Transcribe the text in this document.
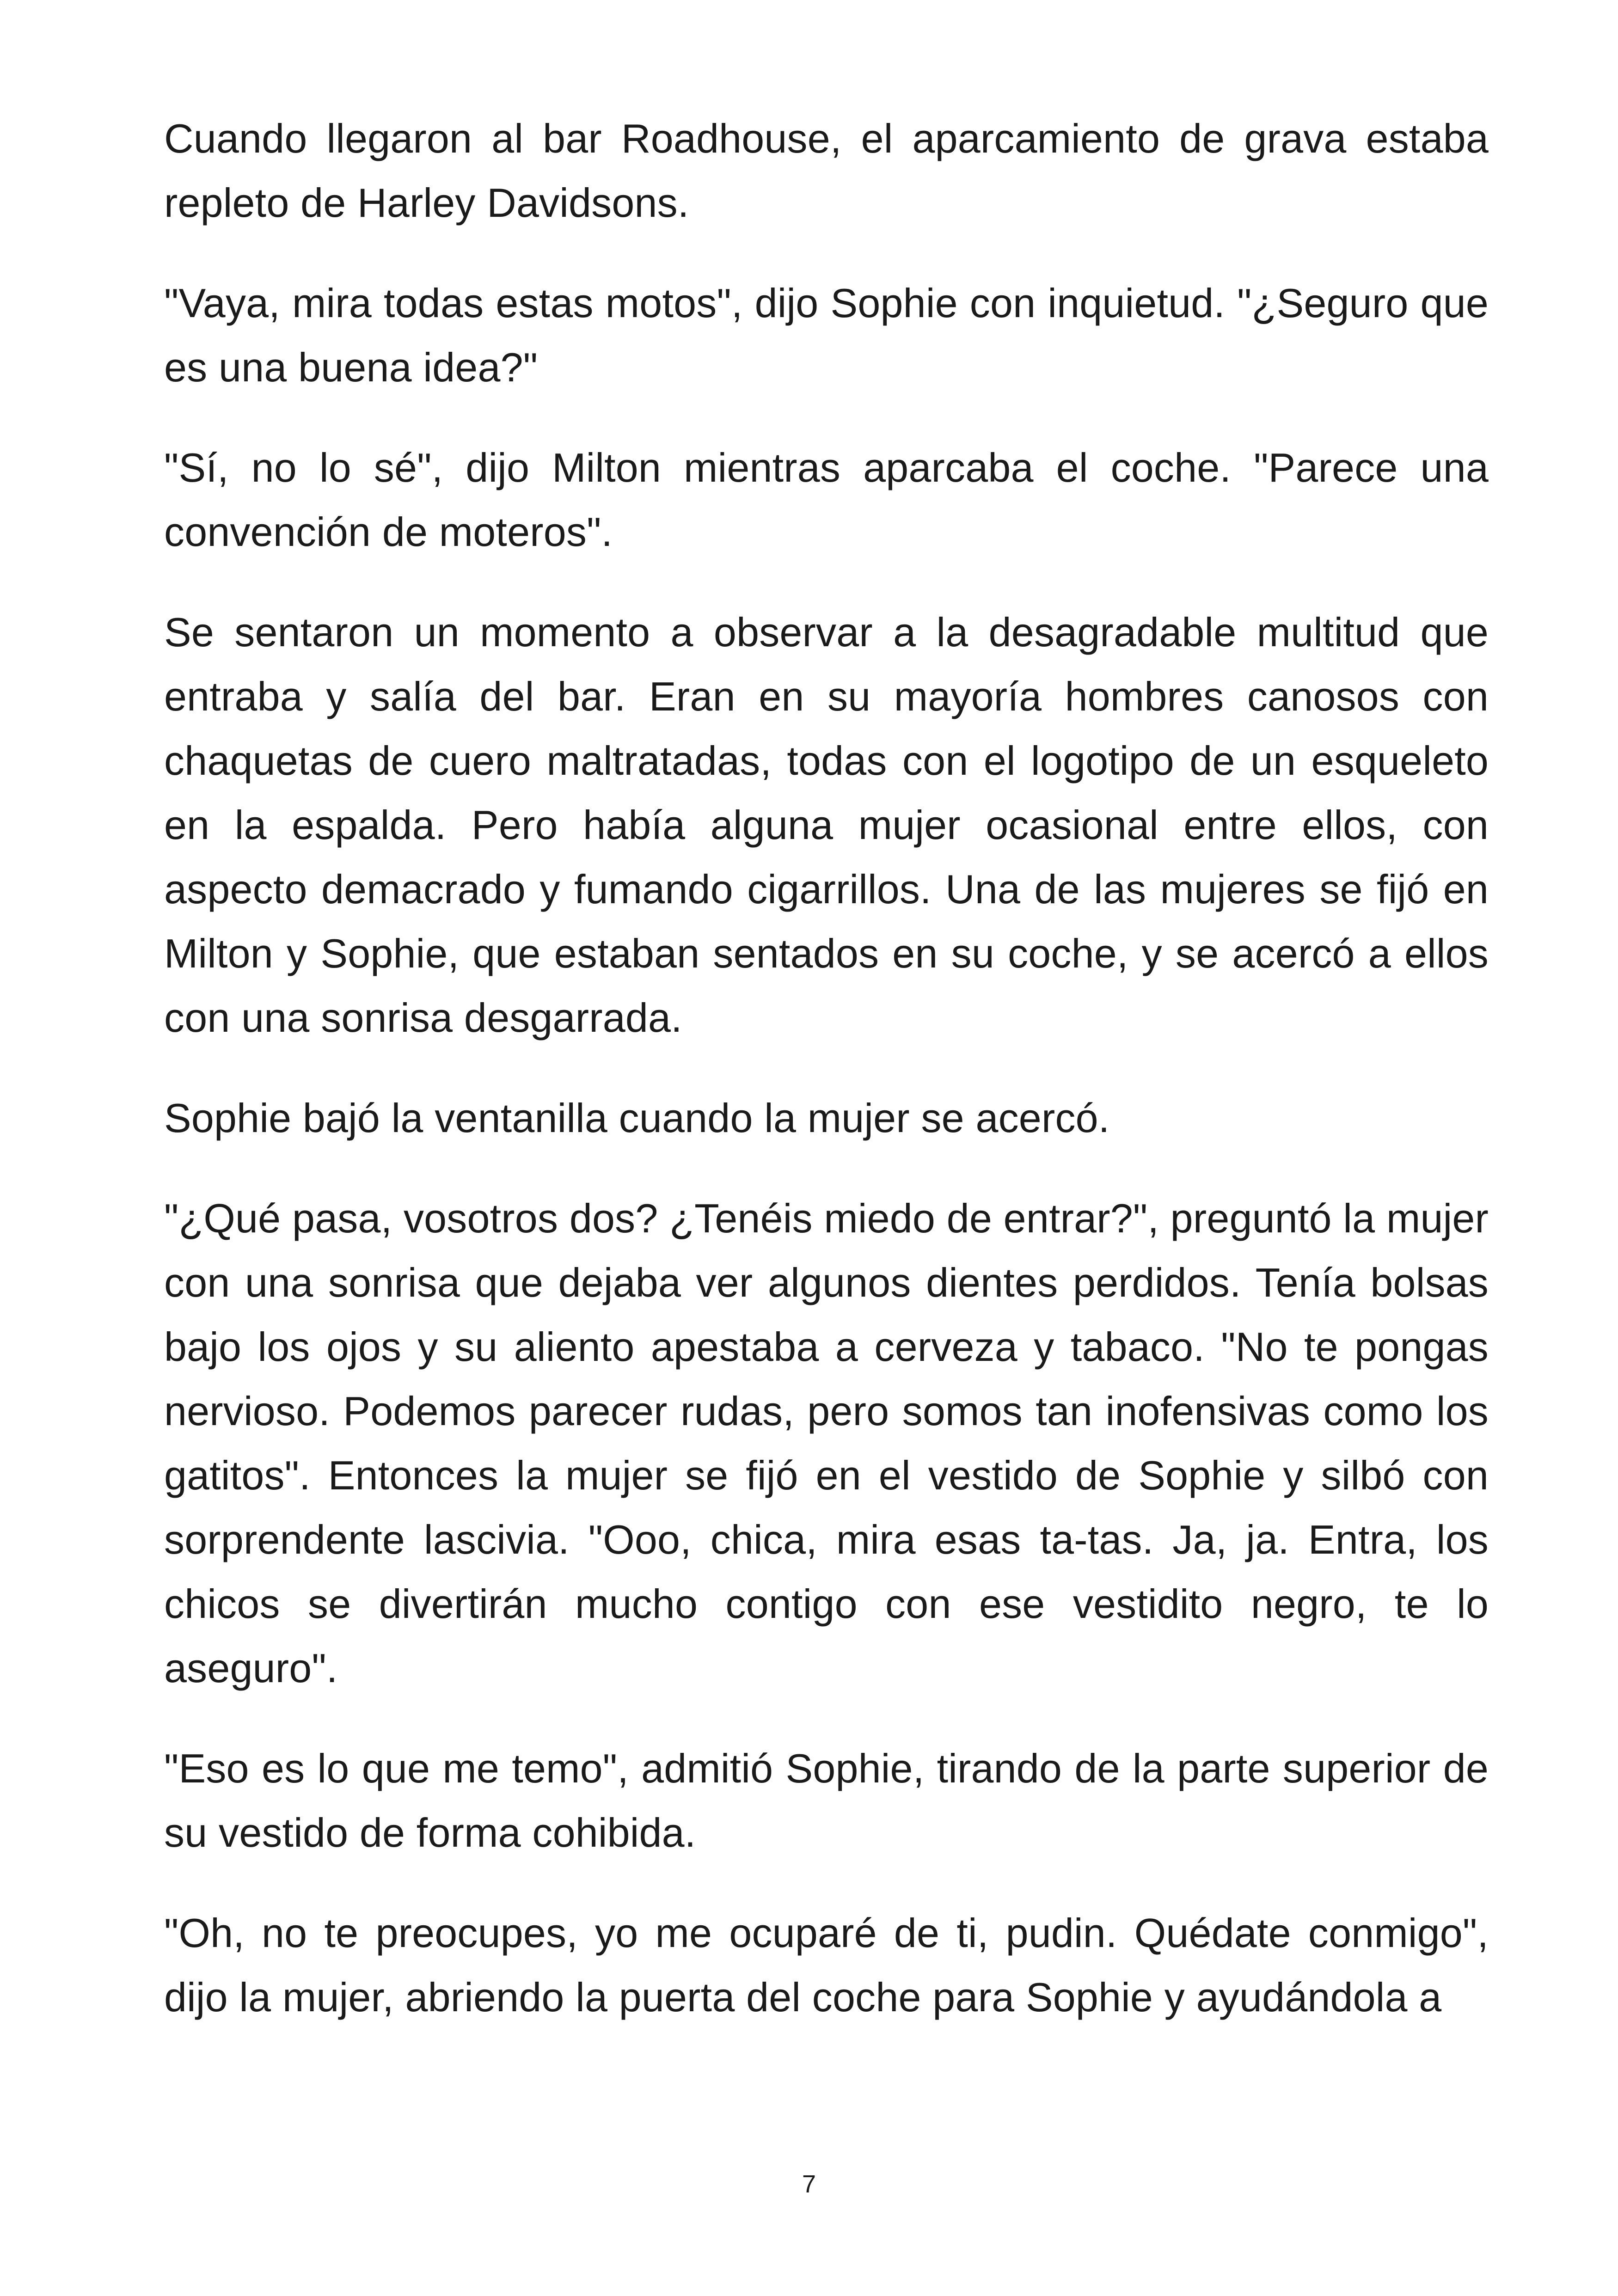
Cuando llegaron al bar Roadhouse, el aparcamiento de grava estaba repleto de Harley Davidsons.

"Vaya, mira todas estas motos", dijo Sophie con inquietud. "¿Seguro que es una buena idea?"

"Sí, no lo sé", dijo Milton mientras aparcaba el coche. "Parece una convención de moteros".

Se sentaron un momento a observar a la desagradable multitud que entraba y salía del bar. Eran en su mayoría hombres canosos con chaquetas de cuero maltratadas, todas con el logotipo de un esqueleto en la espalda. Pero había alguna mujer ocasional entre ellos, con aspecto demacrado y fumando cigarrillos. Una de las mujeres se fijó en Milton y Sophie, que estaban sentados en su coche, y se acercó a ellos con una sonrisa desgarrada.

Sophie bajó la ventanilla cuando la mujer se acercó.

"¿Qué pasa, vosotros dos? ¿Tenéis miedo de entrar?", preguntó la mujer con una sonrisa que dejaba ver algunos dientes perdidos. Tenía bolsas bajo los ojos y su aliento apestaba a cerveza y tabaco. "No te pongas nervioso. Podemos parecer rudas, pero somos tan inofensivas como los gatitos". Entonces la mujer se fijó en el vestido de Sophie y silbó con sorprendente lascivia. "Ooo, chica, mira esas ta-tas. Ja, ja. Entra, los chicos se divertirán mucho contigo con ese vestidito negro, te lo aseguro".

"Eso es lo que me temo", admitió Sophie, tirando de la parte superior de su vestido de forma cohibida.

"Oh, no te preocupes, yo me ocuparé de ti, pudin. Quédate conmigo", dijo la mujer, abriendo la puerta del coche para Sophie y ayudándola a

7
